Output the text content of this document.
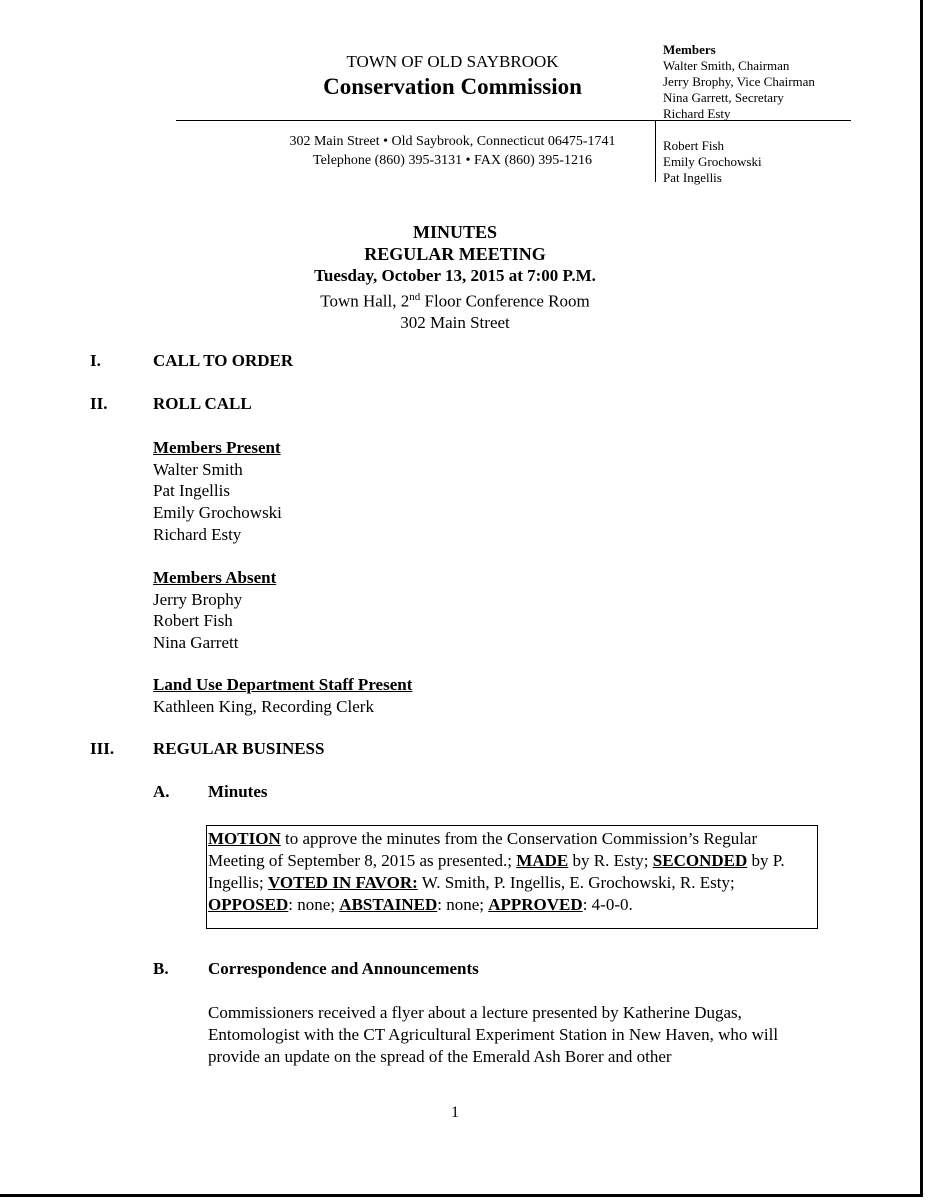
TOWN OF OLD SAYBROOK
Conservation Commission
302 Main Street • Old Saybrook, Connecticut 06475-1741
Telephone (860) 395-3131 • FAX (860) 395-1216
Members
Walter Smith, Chairman
Jerry Brophy, Vice Chairman
Nina Garrett, Secretary
Richard Esty
Robert Fish
Emily Grochowski
Pat Ingellis
MINUTES
REGULAR MEETING
Tuesday, October 13, 2015 at 7:00 P.M.
Town Hall, 2nd Floor Conference Room
302 Main Street
I.	CALL TO ORDER
II.	ROLL CALL
Members Present
Walter Smith
Pat Ingellis
Emily Grochowski
Richard Esty
Members Absent
Jerry Brophy
Robert Fish
Nina Garrett
Land Use Department Staff Present
Kathleen King, Recording Clerk
III. REGULAR BUSINESS
A. Minutes
MOTION to approve the minutes from the Conservation Commission’s Regular Meeting of September 8, 2015 as presented.; MADE by R. Esty; SECONDED by P. Ingellis; VOTED IN FAVOR: W. Smith, P. Ingellis, E. Grochowski, R. Esty; OPPOSED: none; ABSTAINED: none; APPROVED: 4-0-0.
B. Correspondence and Announcements
Commissioners received a flyer about a lecture presented by Katherine Dugas, Entomologist with the CT Agricultural Experiment Station in New Haven, who will provide an update on the spread of the Emerald Ash Borer and other
1
